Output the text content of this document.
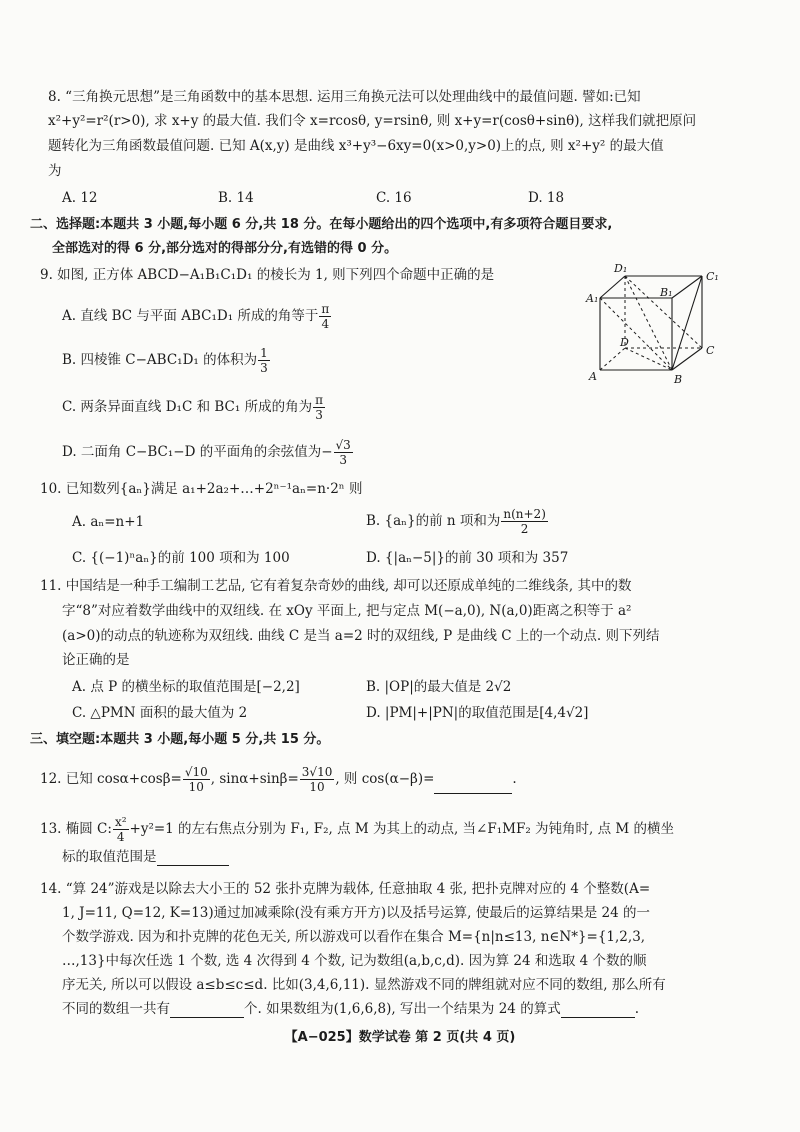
8. “三角换元思想”是三角函数中的基本思想. 运用三角换元法可以处理曲线中的最值问题. 譬如:已知
x²+y²=r²(r>0), 求 x+y 的最大值. 我们令 x=rcosθ, y=rsinθ, 则 x+y=r(cosθ+sinθ), 这样我们就把原问
题转化为三角函数最值问题. 已知 A(x,y) 是曲线 x³+y³−6xy=0(x>0,y>0)上的点, 则 x²+y² 的最大值
为
A. 12	B. 14	C. 16	D. 18
二、选择题:本题共 3 小题,每小题 6 分,共 18 分。在每小题给出的四个选项中,有多项符合题目要求,
全部选对的得 6 分,部分选对的得部分分,有选错的得 0 分。
9. 如图, 正方体 ABCD−A₁B₁C₁D₁ 的棱长为 1, 则下列四个命题中正确的是
A. 直线 BC 与平面 ABC₁D₁ 所成的角等于 $\frac{\pi}{4}$
B. 四棱锥 C−ABC₁D₁ 的体积为 $\frac{1}{3}$
C. 两条异面直线 D₁C 和 BC₁ 所成的角为 $\frac{\pi}{3}$
D. 二面角 C−BC₁−D 的平面角的余弦值为− $\frac{√3}{3}$
D₁
C₁
A₁	B₁
D
C
A	B
10. 已知数列{aₙ}满足 a₁+2a₂+…+2ⁿ⁻¹aₙ=n·2ⁿ 则
A. aₙ=n+1	B. {aₙ}的前 n 项和为 $\frac{n(n+2)}{2}$
C. {(−1)ⁿaₙ}的前 100 项和为 100	D. {|aₙ−5|}的前 30 项和为 357
11. 中国结是一种手工编制工艺品, 它有着复杂奇妙的曲线, 却可以还原成单纯的二维线条, 其中的数
字“8”对应着数学曲线中的双纽线. 在 xOy 平面上, 把与定点 M(−a,0), N(a,0)距离之积等于 a²
(a>0)的动点的轨迹称为双纽线. 曲线 C 是当 a=2 时的双纽线, P 是曲线 C 上的一个动点. 则下列结
论正确的是
A. 点 P 的横坐标的取值范围是[−2,2]	B. |OP|的最大值是 2√2
C. △PMN 面积的最大值为 2	D. |PM|+|PN|的取值范围是[4,4√2]
三、填空题:本题共 3 小题,每小题 5 分,共 15 分。
12. 已知 $\cos\alpha+\cos\beta= \frac{√10}{10}$ , $\sin\alpha+\sin\beta= \frac{3√10}{10}$ , 则 cos(α−β)=	.
13. 椭圆 C: $\frac{\text{x²}}{4} +y^2=1$ 的左右焦点分别为 F₁, F₂, 点 M 为其上的动点, 当∠F₁MF₂ 为钝角时, 点 M 的横坐
标的取值范围是
14. “算 24”游戏是以除去大小王的 52 张扑克牌为载体, 任意抽取 4 张, 把扑克牌对应的 4 个整数(A=
1, J=11, Q=12, K=13)通过加减乘除(没有乘方开方)以及括号运算, 使最后的运算结果是 24 的一
个数学游戏. 因为和扑克牌的花色无关, 所以游戏可以看作在集合 M={n|n≤13, n∈N*}={1,2,3,
…,13}中每次任选 1 个数, 选 4 次得到 4 个数, 记为数组(a,b,c,d). 因为算 24 和选取 4 个数的顺
序无关, 所以可以假设 a≤b≤c≤d. 比如(3,4,6,11). 显然游戏不同的牌组就对应不同的数组, 那么所有
不同的数组一共有	个. 如果数组为(1,6,6,8), 写出一个结果为 24 的算式	.
【A−025】数学试卷 第 2 页(共 4 页)
